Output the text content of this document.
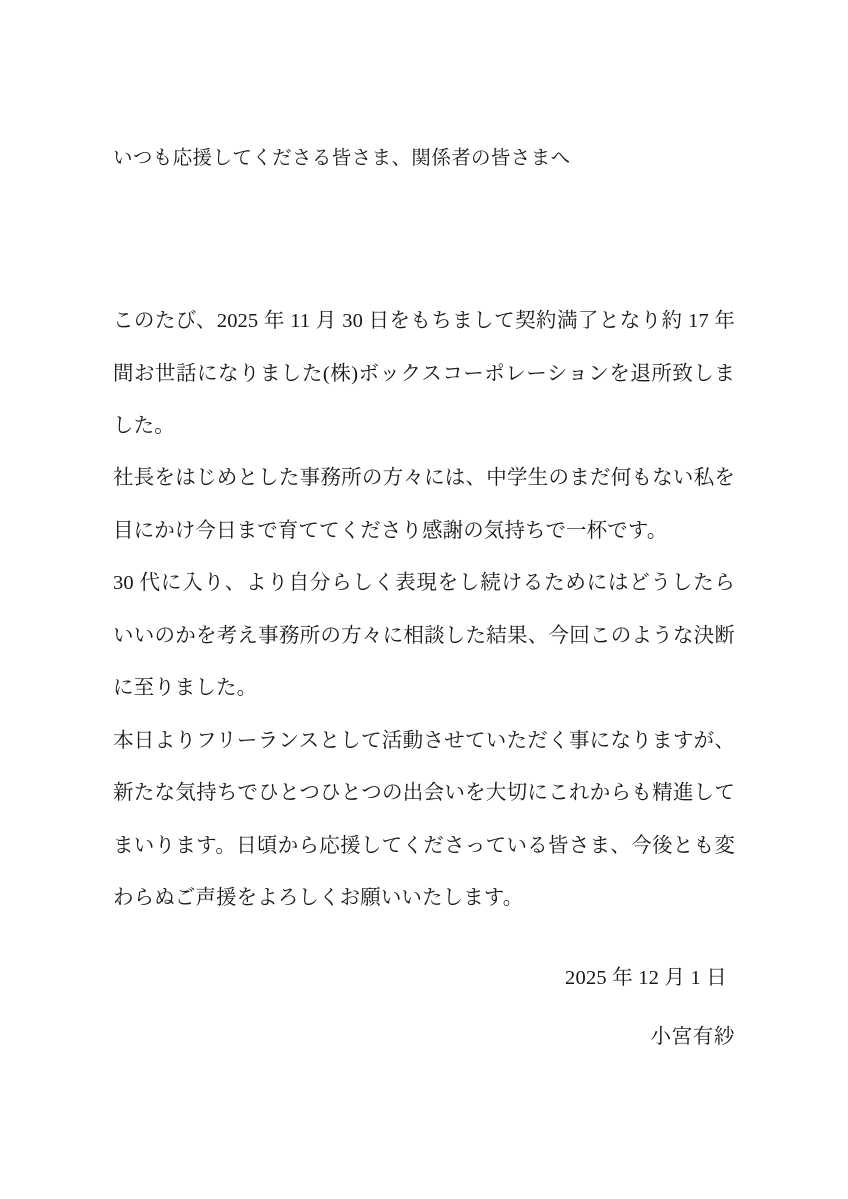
いつも応援してくださる皆さま、関係者の皆さまへ

このたび、2025 年 11 月 30 日をもちまして契約満了となり約 17 年間お世話になりました(株)ボックスコーポレーションを退所致しました。

社長をはじめとした事務所の方々には、中学生のまだ何もない私を目にかけ今日まで育ててくださり感謝の気持ちで一杯です。

30 代に入り、より自分らしく表現をし続けるためにはどうしたらいいのかを考え事務所の方々に相談した結果、今回このような決断に至りました。

本日よりフリーランスとして活動させていただく事になりますが、新たな気持ちでひとつひとつの出会いを大切にこれからも精進してまいります。日頃から応援してくださっている皆さま、今後とも変わらぬご声援をよろしくお願いいたします。

2025 年 12 月 1 日

小宮有紗
